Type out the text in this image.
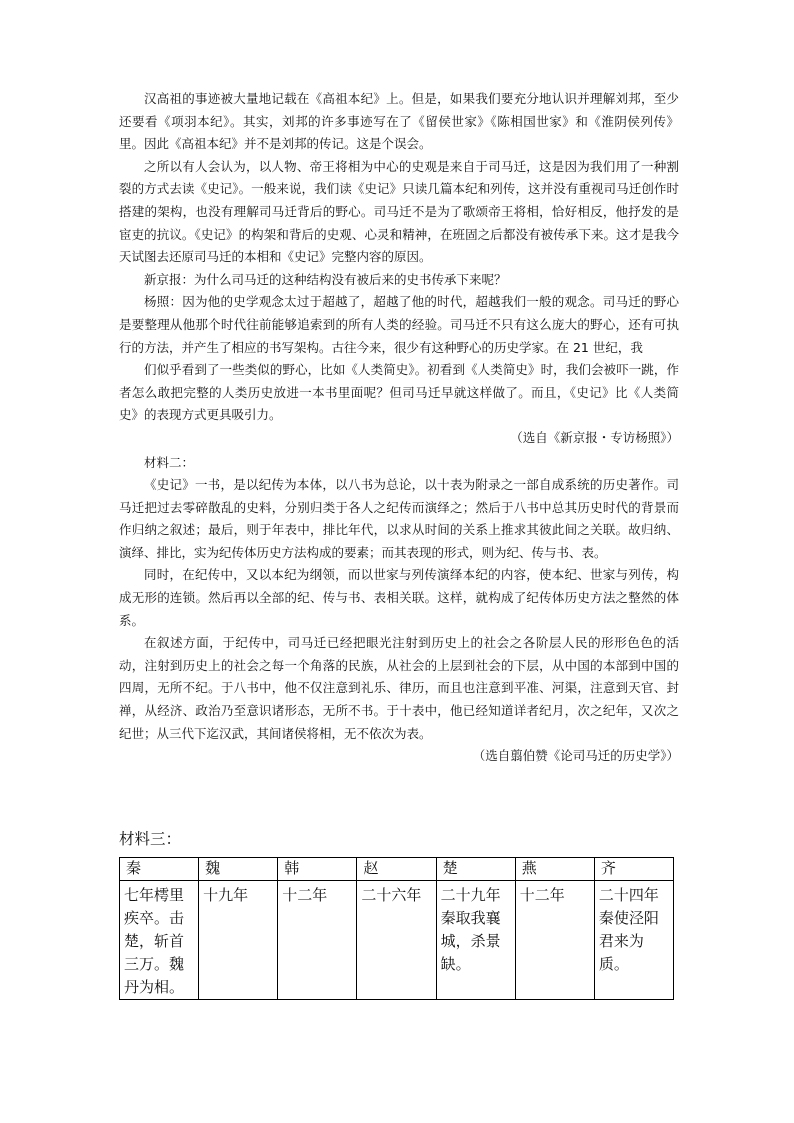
汉高祖的事迹被大量地记载在《高祖本纪》上。但是，如果我们要充分地认识并理解刘邦，至少还要看《项羽本纪》。其实，刘邦的许多事迹写在了《留侯世家》《陈相国世家》和《淮阴侯列传》里。因此《高祖本纪》并不是刘邦的传记。这是个误会。

之所以有人会认为，以人物、帝王将相为中心的史观是来自于司马迁，这是因为我们用了一种割裂的方式去读《史记》。一般来说，我们读《史记》只读几篇本纪和列传，这并没有重视司马迁创作时搭建的架构，也没有理解司马迁背后的野心。司马迁不是为了歌颂帝王将相，恰好相反，他抒发的是宦吏的抗议。《史记》的构架和背后的史观、心灵和精神，在班固之后都没有被传承下来。这才是我今天试图去还原司马迁的本相和《史记》完整内容的原因。

新京报：为什么司马迁的这种结构没有被后来的史书传承下来呢？

杨照：因为他的史学观念太过于超越了，超越了他的时代，超越我们一般的观念。司马迁的野心是要整理从他那个时代往前能够追索到的所有人类的经验。司马迁不只有这么庞大的野心，还有可执行的方法，并产生了相应的书写架构。古往今来，很少有这种野心的历史学家。在 21 世纪，我

们似乎看到了一些类似的野心，比如《人类简史》。初看到《人类简史》时，我们会被吓一跳，作者怎么敢把完整的人类历史放进一本书里面呢？但司马迁早就这样做了。而且，《史记》比《人类简史》的表现方式更具吸引力。

（选自《新京报・专访杨照》）

材料二：

《史记》一书，是以纪传为本体，以八书为总论，以十表为附录之一部自成系统的历史著作。司马迁把过去零碎散乱的史料，分别归类于各人之纪传而演绎之；然后于八书中总其历史时代的背景而作归纳之叙述；最后，则于年表中，排比年代，以求从时间的关系上推求其彼此间之关联。故归纳、演绎、排比，实为纪传体历史方法构成的要素；而其表现的形式，则为纪、传与书、表。

同时，在纪传中，又以本纪为纲领，而以世家与列传演绎本纪的内容，使本纪、世家与列传，构成无形的连锁。然后再以全部的纪、传与书、表相关联。这样，就构成了纪传体历史方法之整然的体系。

在叙述方面，于纪传中，司马迁已经把眼光注射到历史上的社会之各阶层人民的形形色色的活动，注射到历史上的社会之每一个角落的民族，从社会的上层到社会的下层，从中国的本部到中国的四周，无所不纪。于八书中，他不仅注意到礼乐、律历，而且也注意到平准、河渠，注意到天官、封禅，从经济、政治乃至意识诸形态，无所不书。于十表中，他已经知道详者纪月，次之纪年，又次之纪世；从三代下迄汉武，其间诸侯将相，无不依次为表。

（选自翦伯赞《论司马迁的历史学》）

材料三：
秦	魏	韩	赵	楚	燕	齐
七年樗里疾卒。击楚，斩首三万。魏丹为相。	十九年	十二年	二十六年	二十九年秦取我襄城，杀景缺。	十二年	二十四年秦使泾阳君来为质。
